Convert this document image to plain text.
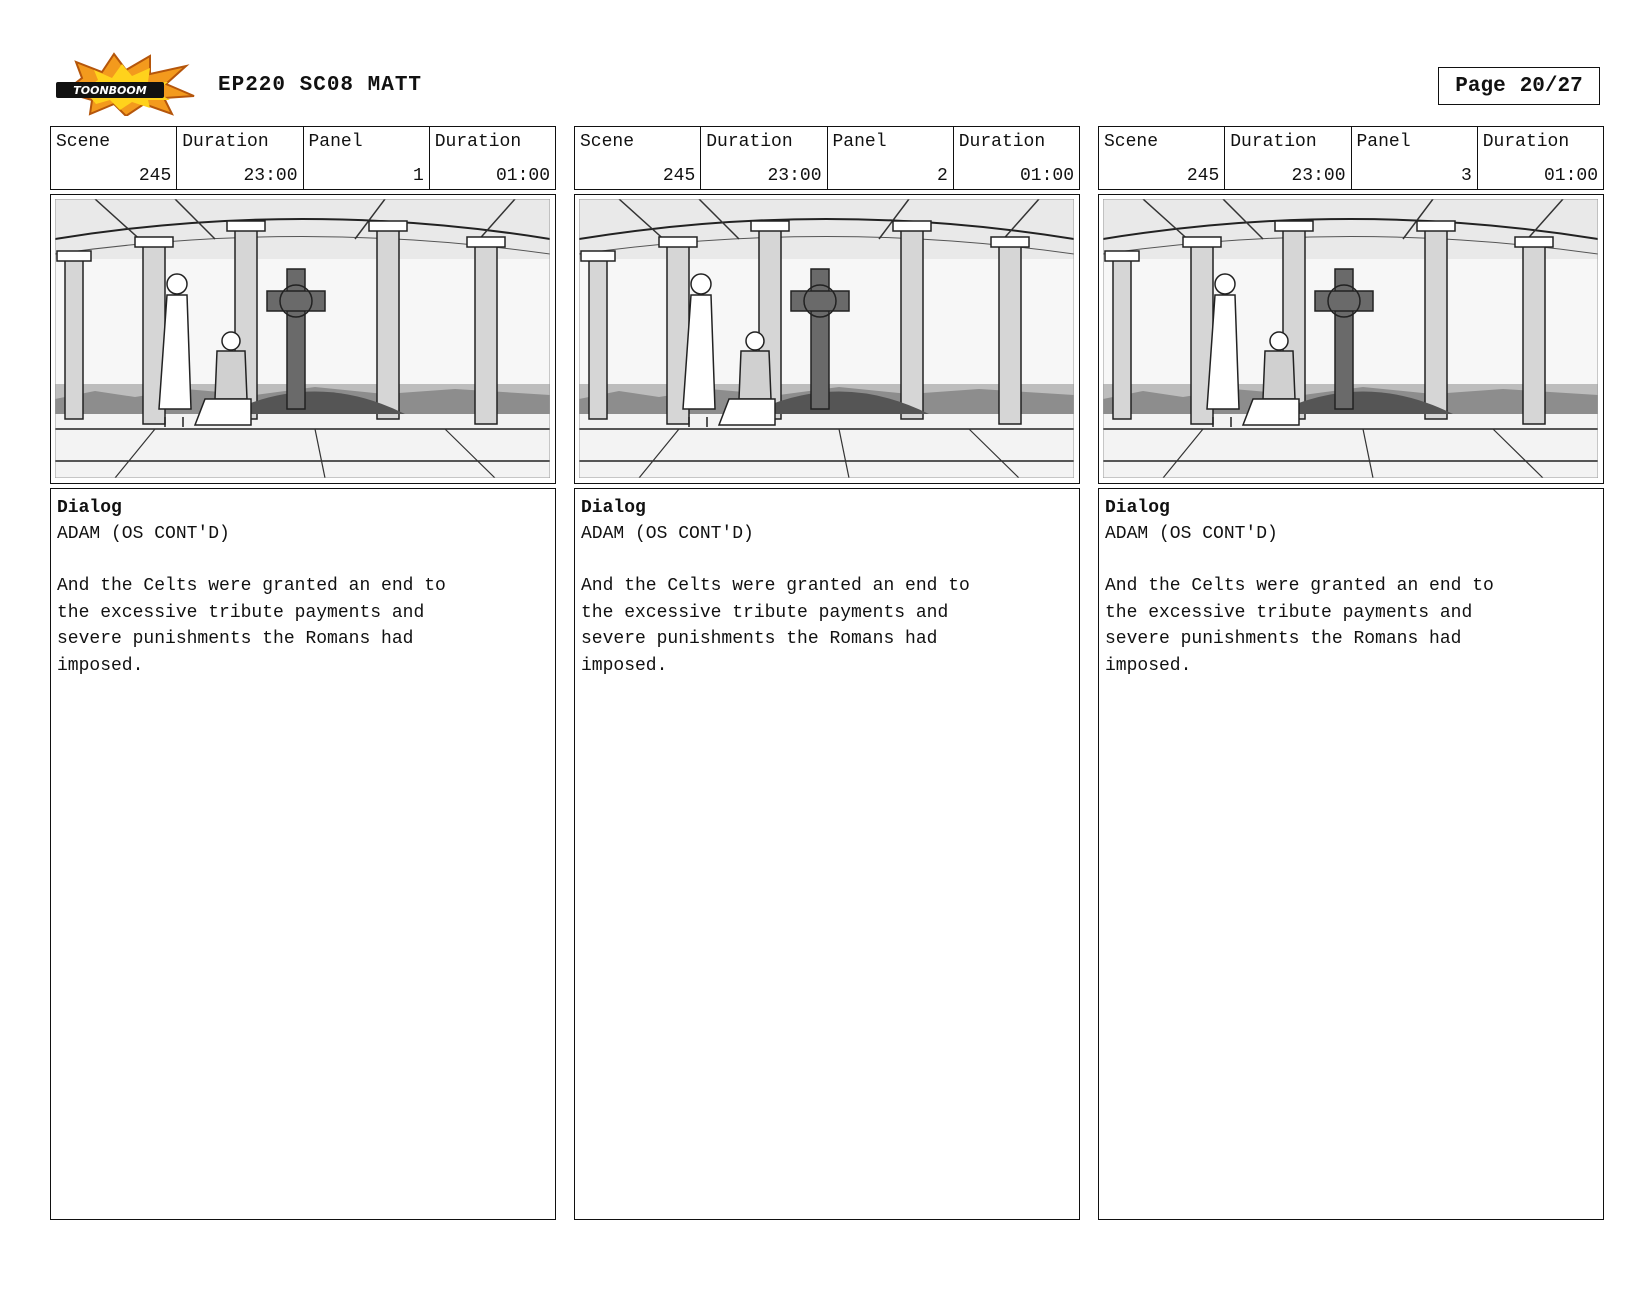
TOONBOOM	EP220 SC08 MATT	Page 20/27
Scene
245
Duration
23:00
Panel
1
Duration
01:00
Dialog
ADAM (OS CONT'D)
And the Celts were granted an end to
the excessive tribute payments and
severe punishments the Romans had
imposed.
Scene
245
Duration
23:00
Panel
2
Duration
01:00
Dialog
ADAM (OS CONT'D)
And the Celts were granted an end to
the excessive tribute payments and
severe punishments the Romans had
imposed.
Scene
245
Duration
23:00
Panel
3
Duration
01:00
Dialog
ADAM (OS CONT'D)
And the Celts were granted an end to
the excessive tribute payments and
severe punishments the Romans had
imposed.
